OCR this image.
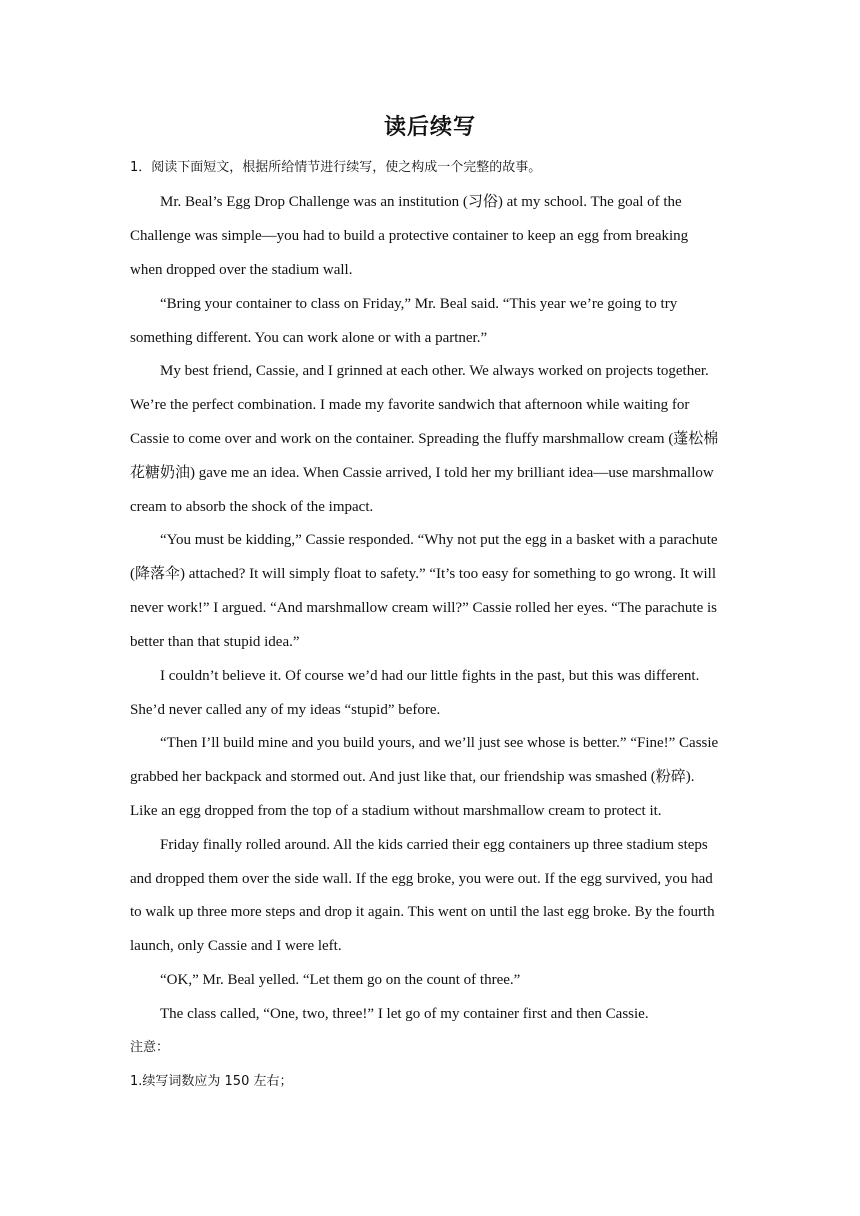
读后续写
1．阅读下面短文，根据所给情节进行续写，使之构成一个完整的故事。
Mr. Beal’s Egg Drop Challenge was an institution (习俗) at my school. The goal of the
Challenge was simple—you had to build a protective container to keep an egg from breaking
when dropped over the stadium wall.
“Bring your container to class on Friday,” Mr. Beal said. “This year we’re going to try
something different. You can work alone or with a partner.”
My best friend, Cassie, and I grinned at each other. We always worked on projects together.
We’re the perfect combination. I made my favorite sandwich that afternoon while waiting for
Cassie to come over and work on the container. Spreading the fluffy marshmallow cream (蓬松棉
花糖奶油) gave me an idea. When Cassie arrived, I told her my brilliant idea—use marshmallow
cream to absorb the shock of the impact.
“You must be kidding,” Cassie responded. “Why not put the egg in a basket with a parachute
(降落伞) attached? It will simply float to safety.” “It’s too easy for something to go wrong. It will
never work!” I argued. “And marshmallow cream will?” Cassie rolled her eyes. “The parachute is
better than that stupid idea.”
I couldn’t believe it. Of course we’d had our little fights in the past, but this was different.
She’d never called any of my ideas “stupid” before.
“Then I’ll build mine and you build yours, and we’ll just see whose is better.” “Fine!” Cassie
grabbed her backpack and stormed out. And just like that, our friendship was smashed (粉碎).
Like an egg dropped from the top of a stadium without marshmallow cream to protect it.
Friday finally rolled around. All the kids carried their egg containers up three stadium steps
and dropped them over the side wall. If the egg broke, you were out. If the egg survived, you had
to walk up three more steps and drop it again. This went on until the last egg broke. By the fourth
launch, only Cassie and I were left.
“OK,” Mr. Beal yelled. “Let them go on the count of three.”
The class called, “One, two, three!” I let go of my container first and then Cassie.
注意：
1.续写词数应为 150 左右；
